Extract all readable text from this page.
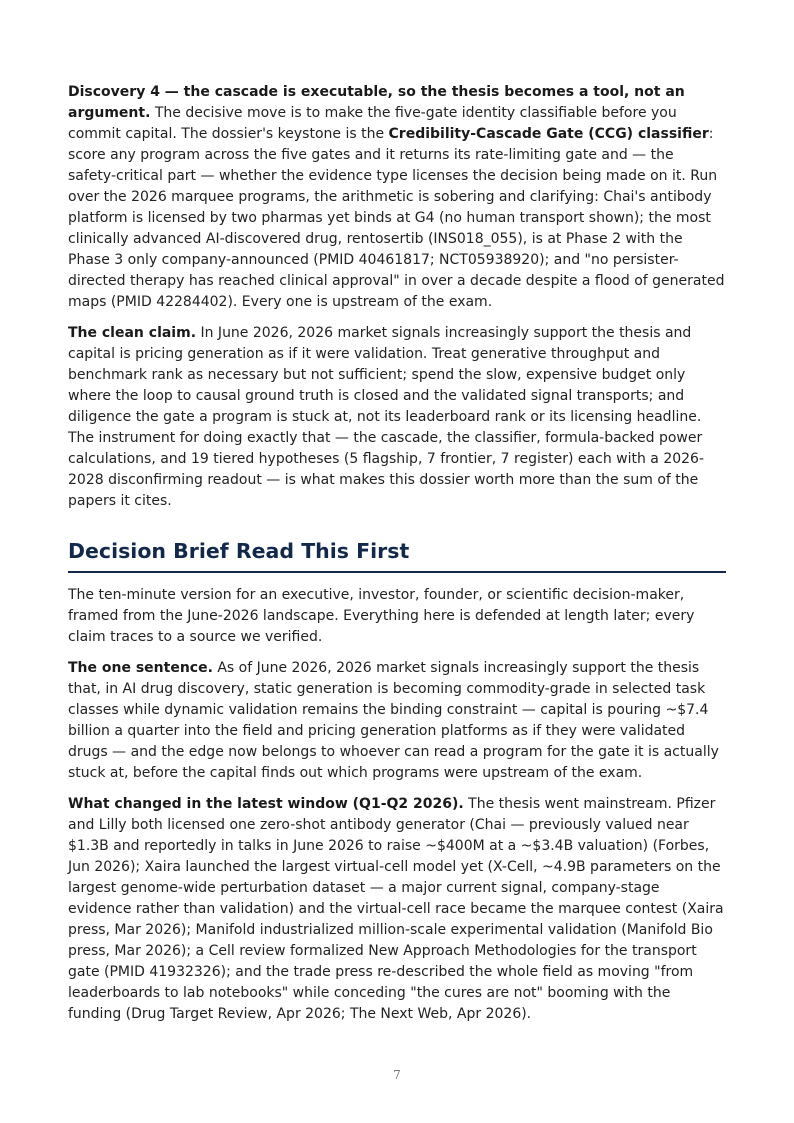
Discovery 4 — the cascade is executable, so the thesis becomes a tool, not an argument. The decisive move is to make the five-gate identity classifiable before you commit capital. The dossier's keystone is the Credibility-Cascade Gate (CCG) classifier: score any program across the five gates and it returns its rate-limiting gate and — the safety-critical part — whether the evidence type licenses the decision being made on it. Run over the 2026 marquee programs, the arithmetic is sobering and clarifying: Chai's antibody platform is licensed by two pharmas yet binds at G4 (no human transport shown); the most clinically advanced AI-discovered drug, rentosertib (INS018_055), is at Phase 2 with the Phase 3 only company-announced (PMID 40461817; NCT05938920); and "no persister-directed therapy has reached clinical approval" in over a decade despite a flood of generated maps (PMID 42284402). Every one is upstream of the exam.

The clean claim. In June 2026, 2026 market signals increasingly support the thesis and capital is pricing generation as if it were validation. Treat generative throughput and benchmark rank as necessary but not sufficient; spend the slow, expensive budget only where the loop to causal ground truth is closed and the validated signal transports; and diligence the gate a program is stuck at, not its leaderboard rank or its licensing headline. The instrument for doing exactly that — the cascade, the classifier, formula-backed power calculations, and 19 tiered hypotheses (5 flagship, 7 frontier, 7 register) each with a 2026-2028 disconfirming readout — is what makes this dossier worth more than the sum of the papers it cites.

Decision Brief Read This First

The ten-minute version for an executive, investor, founder, or scientific decision-maker, framed from the June-2026 landscape. Everything here is defended at length later; every claim traces to a source we verified.

The one sentence. As of June 2026, 2026 market signals increasingly support the thesis that, in AI drug discovery, static generation is becoming commodity-grade in selected task classes while dynamic validation remains the binding constraint — capital is pouring ~$7.4 billion a quarter into the field and pricing generation platforms as if they were validated drugs — and the edge now belongs to whoever can read a program for the gate it is actually stuck at, before the capital finds out which programs were upstream of the exam.

What changed in the latest window (Q1-Q2 2026). The thesis went mainstream. Pfizer and Lilly both licensed one zero-shot antibody generator (Chai — previously valued near $1.3B and reportedly in talks in June 2026 to raise ~$400M at a ~$3.4B valuation) (Forbes, Jun 2026); Xaira launched the largest virtual-cell model yet (X-Cell, ~4.9B parameters on the largest genome-wide perturbation dataset — a major current signal, company-stage evidence rather than validation) and the virtual-cell race became the marquee contest (Xaira press, Mar 2026); Manifold industrialized million-scale experimental validation (Manifold Bio press, Mar 2026); a Cell review formalized New Approach Methodologies for the transport gate (PMID 41932326); and the trade press re-described the whole field as moving "from leaderboards to lab notebooks" while conceding "the cures are not" booming with the funding (Drug Target Review, Apr 2026; The Next Web, Apr 2026).

7
